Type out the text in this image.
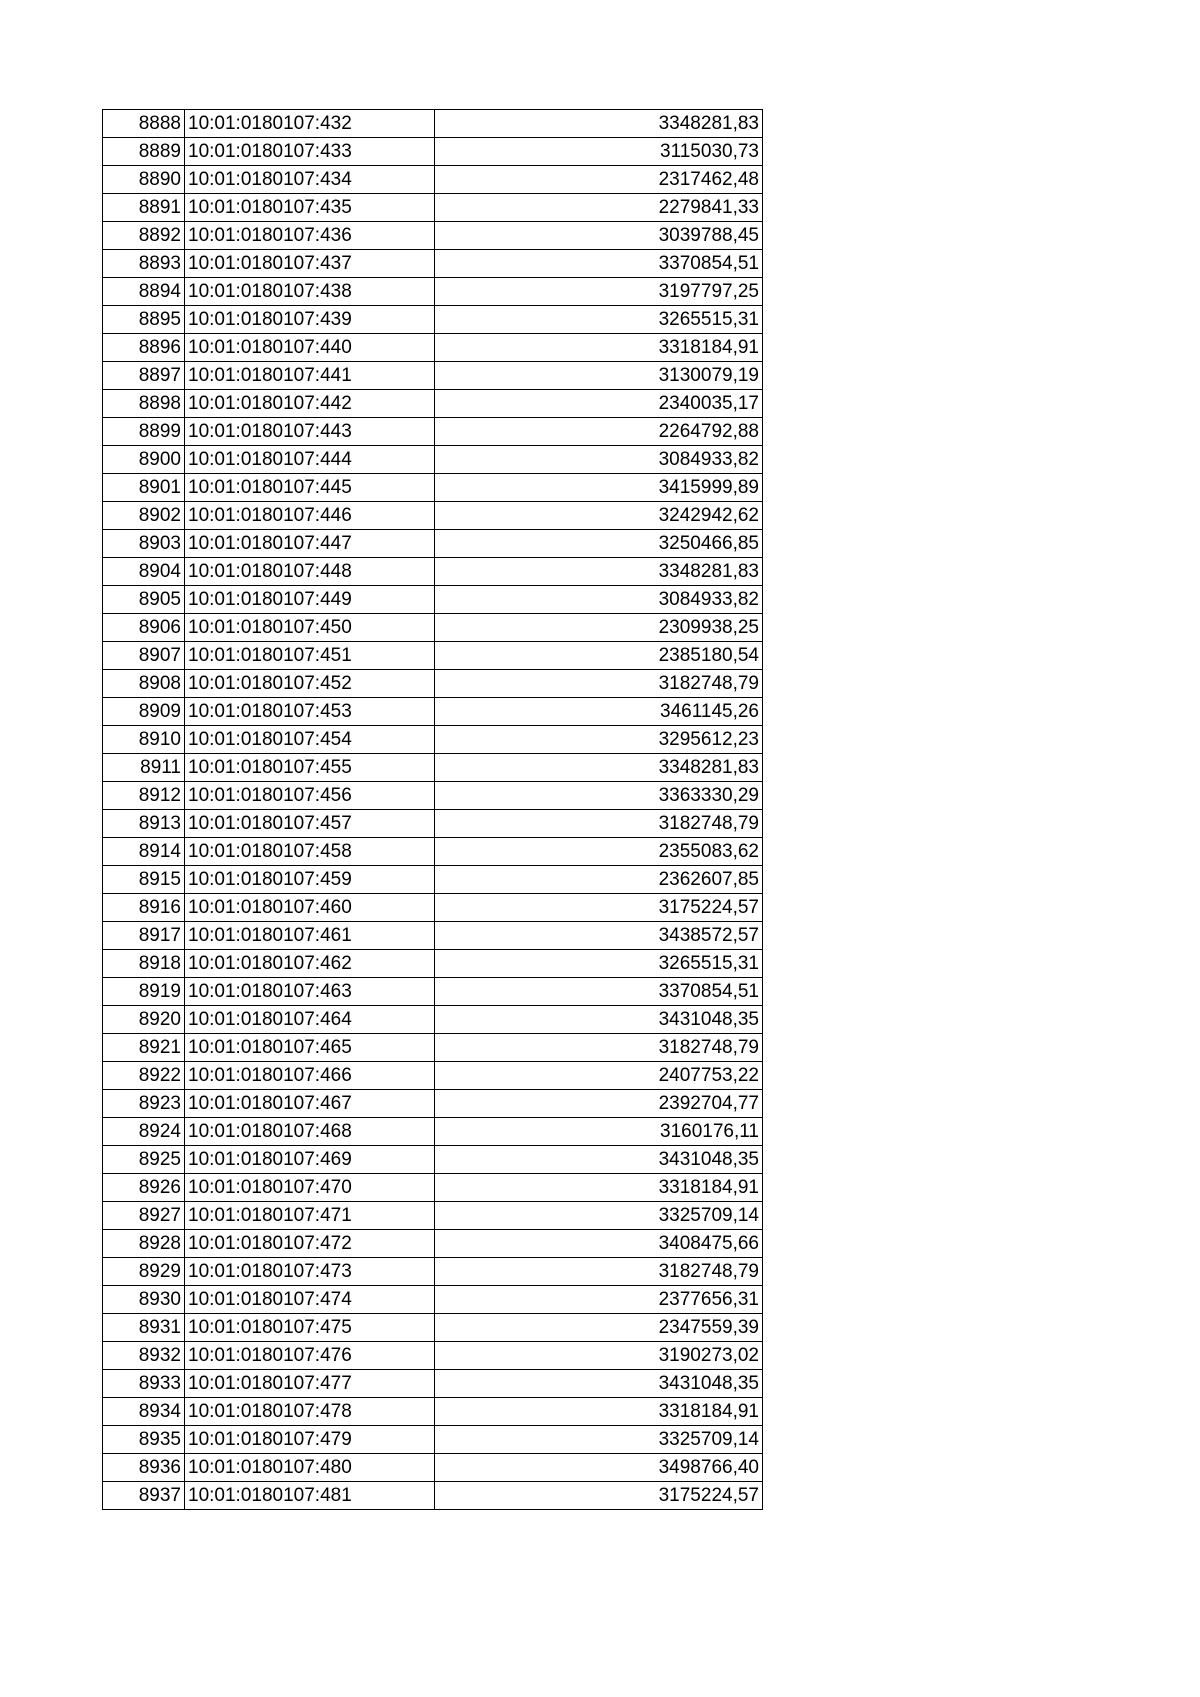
8888	10:01:0180107:432	3348281,83
8889	10:01:0180107:433	3115030,73
8890	10:01:0180107:434	2317462,48
8891	10:01:0180107:435	2279841,33
8892	10:01:0180107:436	3039788,45
8893	10:01:0180107:437	3370854,51
8894	10:01:0180107:438	3197797,25
8895	10:01:0180107:439	3265515,31
8896	10:01:0180107:440	3318184,91
8897	10:01:0180107:441	3130079,19
8898	10:01:0180107:442	2340035,17
8899	10:01:0180107:443	2264792,88
8900	10:01:0180107:444	3084933,82
8901	10:01:0180107:445	3415999,89
8902	10:01:0180107:446	3242942,62
8903	10:01:0180107:447	3250466,85
8904	10:01:0180107:448	3348281,83
8905	10:01:0180107:449	3084933,82
8906	10:01:0180107:450	2309938,25
8907	10:01:0180107:451	2385180,54
8908	10:01:0180107:452	3182748,79
8909	10:01:0180107:453	3461145,26
8910	10:01:0180107:454	3295612,23
8911	10:01:0180107:455	3348281,83
8912	10:01:0180107:456	3363330,29
8913	10:01:0180107:457	3182748,79
8914	10:01:0180107:458	2355083,62
8915	10:01:0180107:459	2362607,85
8916	10:01:0180107:460	3175224,57
8917	10:01:0180107:461	3438572,57
8918	10:01:0180107:462	3265515,31
8919	10:01:0180107:463	3370854,51
8920	10:01:0180107:464	3431048,35
8921	10:01:0180107:465	3182748,79
8922	10:01:0180107:466	2407753,22
8923	10:01:0180107:467	2392704,77
8924	10:01:0180107:468	3160176,11
8925	10:01:0180107:469	3431048,35
8926	10:01:0180107:470	3318184,91
8927	10:01:0180107:471	3325709,14
8928	10:01:0180107:472	3408475,66
8929	10:01:0180107:473	3182748,79
8930	10:01:0180107:474	2377656,31
8931	10:01:0180107:475	2347559,39
8932	10:01:0180107:476	3190273,02
8933	10:01:0180107:477	3431048,35
8934	10:01:0180107:478	3318184,91
8935	10:01:0180107:479	3325709,14
8936	10:01:0180107:480	3498766,40
8937	10:01:0180107:481	3175224,57
